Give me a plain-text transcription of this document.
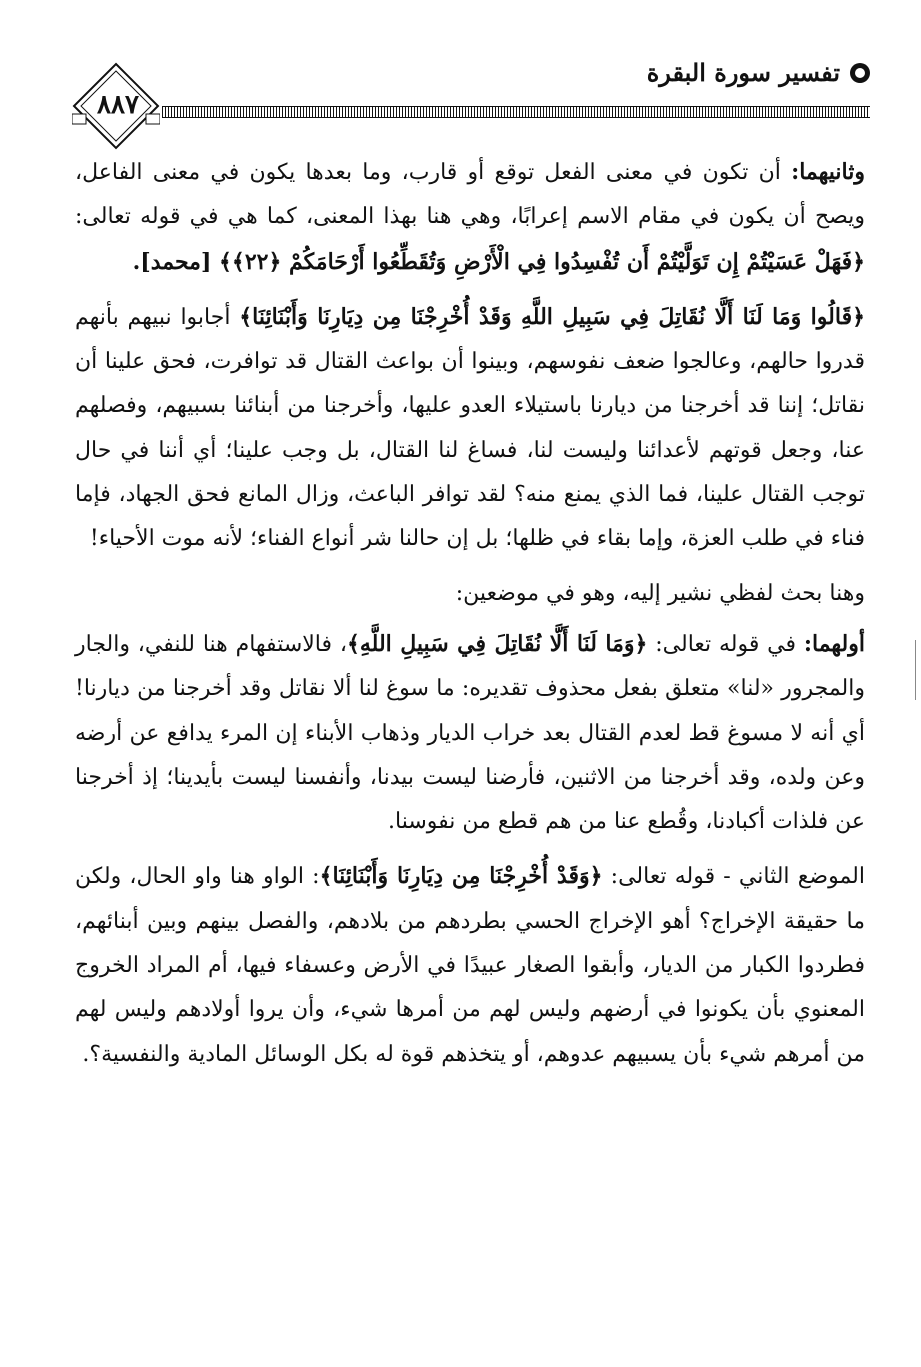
تفسير سورة البقرة
٨٨٧

وثانيهما: أن تكون في معنى الفعل توقع أو قارب، وما بعدها يكون في معنى الفاعل، ويصح أن يكون في مقام الاسم إعرابًا، وهي هنا بهذا المعنى، كما هي في قوله تعالى: ﴿فَهَلْ عَسَيْتُمْ إِن تَوَلَّيْتُمْ أَن تُفْسِدُوا فِي الْأَرْضِ وَتُقَطِّعُوا أَرْحَامَكُمْ ﴿٢٢﴾﴾ [محمد].

﴿قَالُوا وَمَا لَنَا أَلَّا نُقَاتِلَ فِي سَبِيلِ اللَّهِ وَقَدْ أُخْرِجْنَا مِن دِيَارِنَا وَأَبْنَائِنَا﴾ أجابوا نبيهم بأنهم قدروا حالهم، وعالجوا ضعف نفوسهم، وبينوا أن بواعث القتال قد توافرت، فحق علينا أن نقاتل؛ إننا قد أخرجنا من ديارنا باستيلاء العدو عليها، وأخرجنا من أبنائنا بسبيهم، وفصلهم عنا، وجعل قوتهم لأعدائنا وليست لنا، فساغ لنا القتال، بل وجب علينا؛ أي أننا في حال توجب القتال علينا، فما الذي يمنع منه؟ لقد توافر الباعث، وزال المانع فحق الجهاد، فإما فناء في طلب العزة، وإما بقاء في ظلها؛ بل إن حالنا شر أنواع الفناء؛ لأنه موت الأحياء!

وهنا بحث لفظي نشير إليه، وهو في موضعين:

أولهما: في قوله تعالى: ﴿وَمَا لَنَا أَلَّا نُقَاتِلَ فِي سَبِيلِ اللَّهِ﴾، فالاستفهام هنا للنفي، والجار والمجرور «لنا» متعلق بفعل محذوف تقديره: ما سوغ لنا ألا نقاتل وقد أخرجنا من ديارنا! أي أنه لا مسوغ قط لعدم القتال بعد خراب الديار وذهاب الأبناء إن المرء يدافع عن أرضه وعن ولده، وقد أخرجنا من الاثنين، فأرضنا ليست بيدنا، وأنفسنا ليست بأيدينا؛ إذ أخرجنا عن فلذات أكبادنا، وقُطع عنا من هم قطع من نفوسنا.

الموضع الثاني - قوله تعالى: ﴿وَقَدْ أُخْرِجْنَا مِن دِيَارِنَا وَأَبْنَائِنَا﴾: الواو هنا واو الحال، ولكن ما حقيقة الإخراج؟ أهو الإخراج الحسي بطردهم من بلادهم، والفصل بينهم وبين أبنائهم، فطردوا الكبار من الديار، وأبقوا الصغار عبيدًا في الأرض وعسفاء فيها، أم المراد الخروج المعنوي بأن يكونوا في أرضهم وليس لهم من أمرها شيء، وأن يروا أولادهم وليس لهم من أمرهم شيء بأن يسبيهم عدوهم، أو يتخذهم قوة له بكل الوسائل المادية والنفسية؟.
